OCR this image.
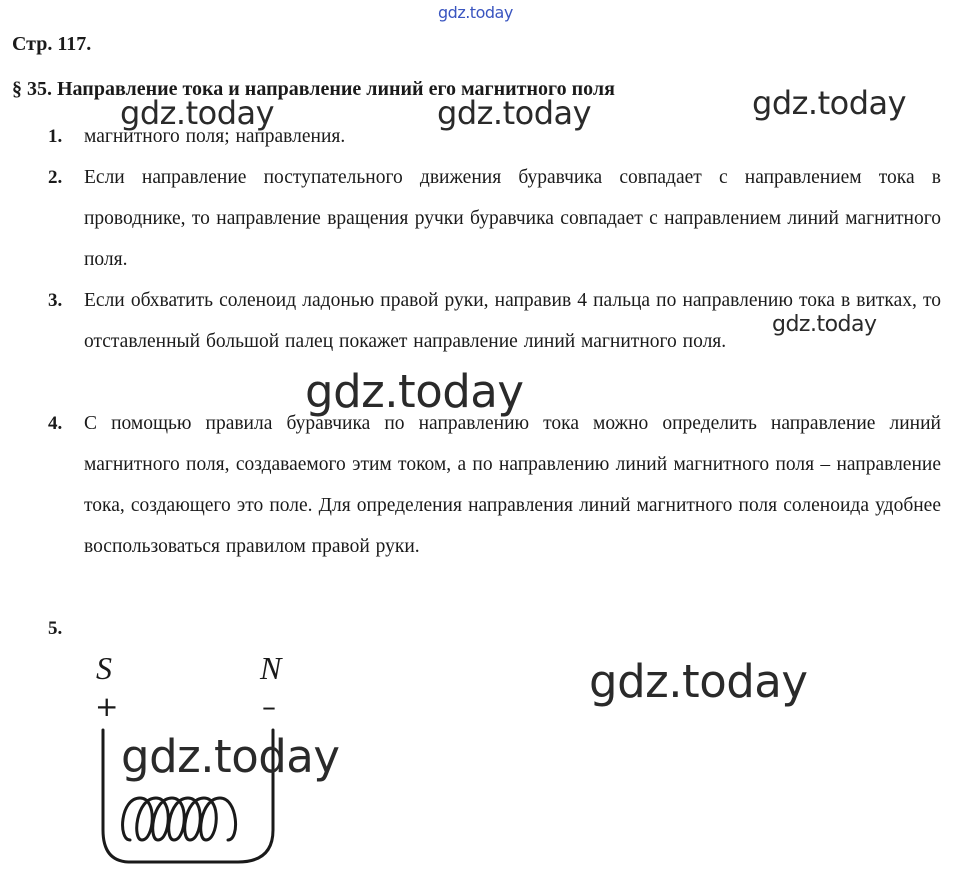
Стр. 117.
§ 35. Направление тока и направление линий его магнитного поля
1. магнитного поля; направления.
2. Если направление поступательного движения буравчика совпадает с направлением тока в проводнике, то направление вращения ручки буравчика совпадает с направлением линий магнитного поля.
3. Если обхватить соленоид ладонью правой руки, направив 4 пальца по направлению тока в витках, то отставленный большой палец покажет направление линий магнитного поля.
4. С помощью правила буравчика по направлению тока можно определить направление линий магнитного поля, создаваемого этим током, а по направлению линий магнитного поля – направление тока, создающего это поле. Для определения направления линий магнитного поля соленоида удобнее воспользоваться правилом правой руки.
5.
S	N
+	–
gdz.today
gdz.today	gdz.today	gdz.today
gdz.today
gdz.today
gdz.today
gdz.today
